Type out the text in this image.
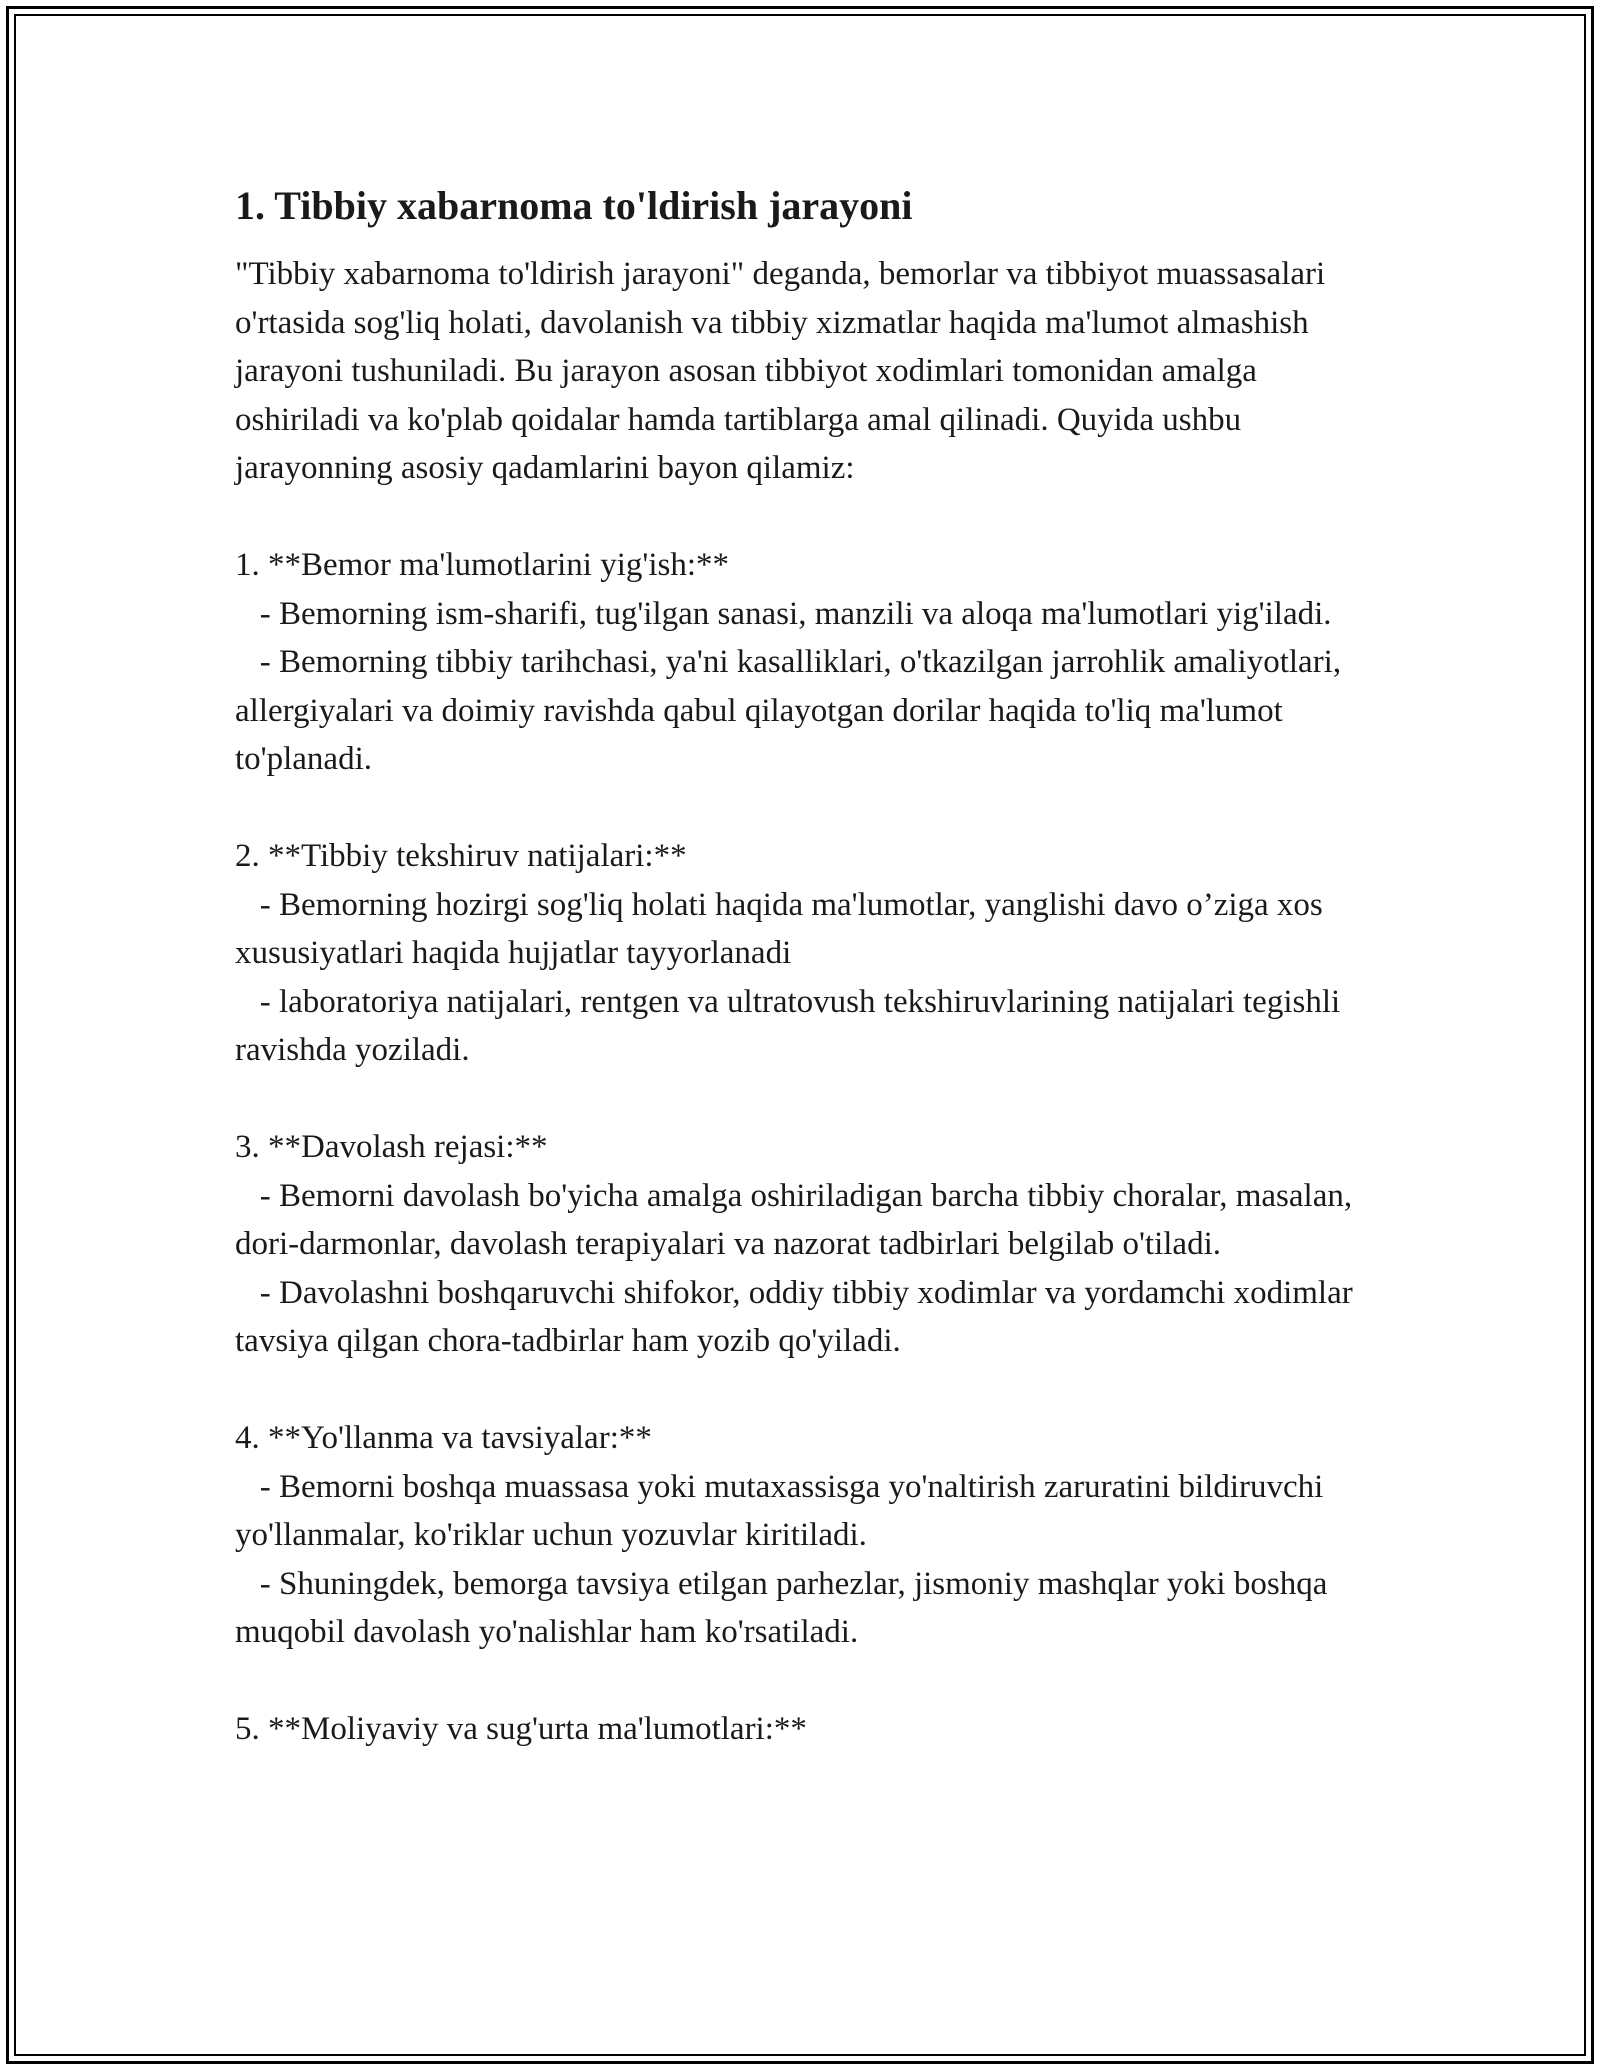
1. Tibbiy xabarnoma to'ldirish jarayoni

"Tibbiy xabarnoma to'ldirish jarayoni" deganda, bemorlar va tibbiyot muassasalari o'rtasida sog'liq holati, davolanish va tibbiy xizmatlar haqida ma'lumot almashish jarayoni tushuniladi. Bu jarayon asosan tibbiyot xodimlari tomonidan amalga oshiriladi va ko'plab qoidalar hamda tartiblarga amal qilinadi. Quyida ushbu jarayonning asosiy qadamlarini bayon qilamiz:

1. **Bemor ma'lumotlarini yig'ish:**

- Bemorning ism-sharifi, tug'ilgan sanasi, manzili va aloqa ma'lumotlari yig'iladi.

- Bemorning tibbiy tarihchasi, ya'ni kasalliklari, o'tkazilgan jarrohlik amaliyotlari, allergiyalari va doimiy ravishda qabul qilayotgan dorilar haqida to'liq ma'lumot to'planadi.

2. **Tibbiy tekshiruv natijalari:**

- Bemorning hozirgi sog'liq holati haqida ma'lumotlar, yanglishi davo o’ziga xos xususiyatlari haqida hujjatlar tayyorlanadi

- laboratoriya natijalari, rentgen va ultratovush tekshiruvlarining natijalari tegishli ravishda yoziladi.

3. **Davolash rejasi:**

- Bemorni davolash bo'yicha amalga oshiriladigan barcha tibbiy choralar, masalan, dori-darmonlar, davolash terapiyalari va nazorat tadbirlari belgilab o'tiladi.

- Davolashni boshqaruvchi shifokor, oddiy tibbiy xodimlar va yordamchi xodimlar tavsiya qilgan chora-tadbirlar ham yozib qo'yiladi.

4. **Yo'llanma va tavsiyalar:**

- Bemorni boshqa muassasa yoki mutaxassisga yo'naltirish zaruratini bildiruvchi yo'llanmalar, ko'riklar uchun yozuvlar kiritiladi.

- Shuningdek, bemorga tavsiya etilgan parhezlar, jismoniy mashqlar yoki boshqa muqobil davolash yo'nalishlar ham ko'rsatiladi.

5. **Moliyaviy va sug'urta ma'lumotlari:**
